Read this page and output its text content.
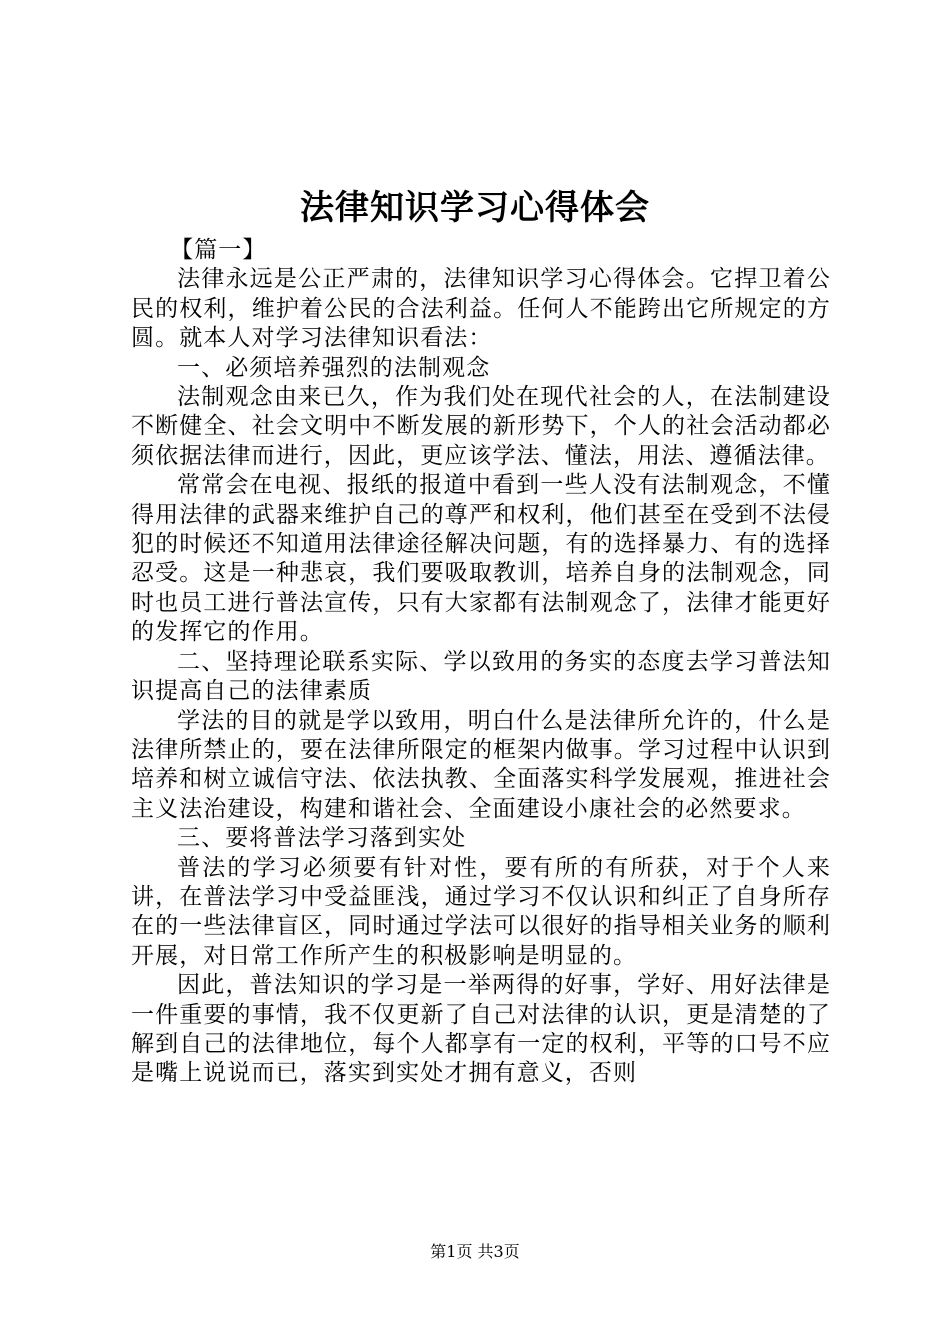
法律知识学习心得体会

【篇一】

法律永远是公正严肃的，法律知识学习心得体会。它捍卫着公民的权利，维护着公民的合法利益。任何人不能跨出它所规定的方圆。就本人对学习法律知识看法：

一、必须培养强烈的法制观念

法制观念由来已久，作为我们处在现代社会的人，在法制建设不断健全、社会文明中不断发展的新形势下，个人的社会活动都必须依据法律而进行，因此，更应该学法、懂法，用法、遵循法律。

常常会在电视、报纸的报道中看到一些人没有法制观念，不懂得用法律的武器来维护自己的尊严和权利，他们甚至在受到不法侵犯的时候还不知道用法律途径解决问题，有的选择暴力、有的选择忍受。这是一种悲哀，我们要吸取教训，培养自身的法制观念，同时也员工进行普法宣传，只有大家都有法制观念了，法律才能更好的发挥它的作用。

二、坚持理论联系实际、学以致用的务实的态度去学习普法知识提高自己的法律素质

学法的目的就是学以致用，明白什么是法律所允许的，什么是法律所禁止的，要在法律所限定的框架内做事。学习过程中认识到培养和树立诚信守法、依法执教、全面落实科学发展观，推进社会主义法治建设，构建和谐社会、全面建设小康社会的必然要求。

三、要将普法学习落到实处

普法的学习必须要有针对性，要有所的有所获，对于个人来讲，在普法学习中受益匪浅，通过学习不仅认识和纠正了自身所存在的一些法律盲区，同时通过学法可以很好的指导相关业务的顺利开展，对日常工作所产生的积极影响是明显的。

因此，普法知识的学习是一举两得的好事，学好、用好法律是一件重要的事情，我不仅更新了自己对法律的认识，更是清楚的了解到自己的法律地位，每个人都享有一定的权利，平等的口号不应是嘴上说说而已，落实到实处才拥有意义，否则

第1页 共3页
